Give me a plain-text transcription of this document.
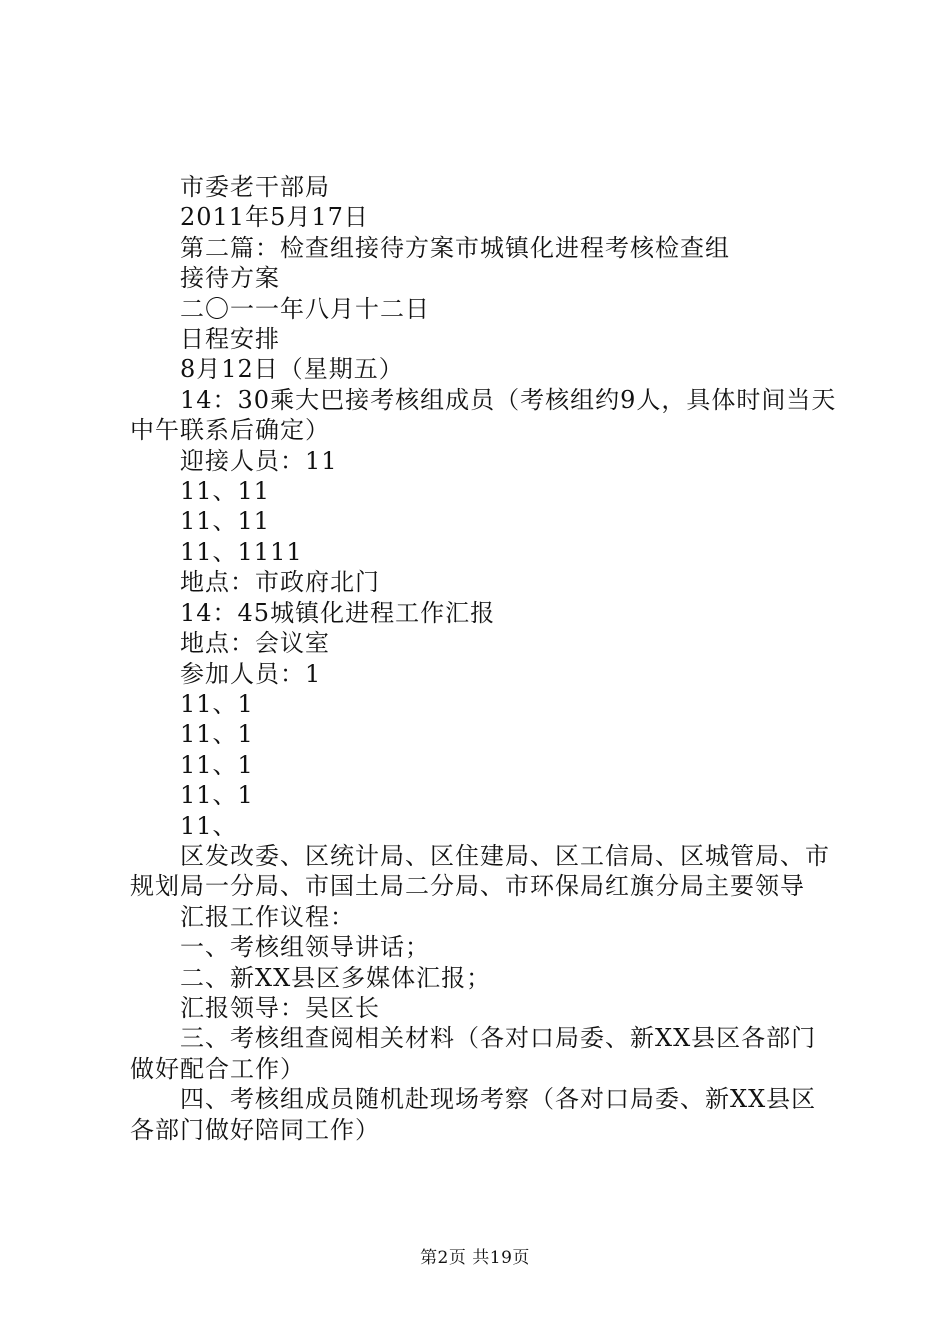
市委老干部局

2011年5月17日

第二篇：检查组接待方案市城镇化进程考核检查组

接待方案

二〇一一年八月十二日

日程安排

8月12日（星期五）

14：30乘大巴接考核组成员（考核组约9人，具体时间当天中午联系后确定）

迎接人员：11

11、11

11、11

11、1111

地点：市政府北门

14：45城镇化进程工作汇报

地点：会议室

参加人员：1

11、1

11、1

11、1

11、1

11、

区发改委、区统计局、区住建局、区工信局、区城管局、市规划局一分局、市国土局二分局、市环保局红旗分局主要领导

汇报工作议程：

一、考核组领导讲话；

二、新XX县区多媒体汇报；

汇报领导：吴区长

三、考核组查阅相关材料（各对口局委、新XX县区各部门做好配合工作）

四、考核组成员随机赴现场考察（各对口局委、新XX县区各部门做好陪同工作）

第2页 共19页
